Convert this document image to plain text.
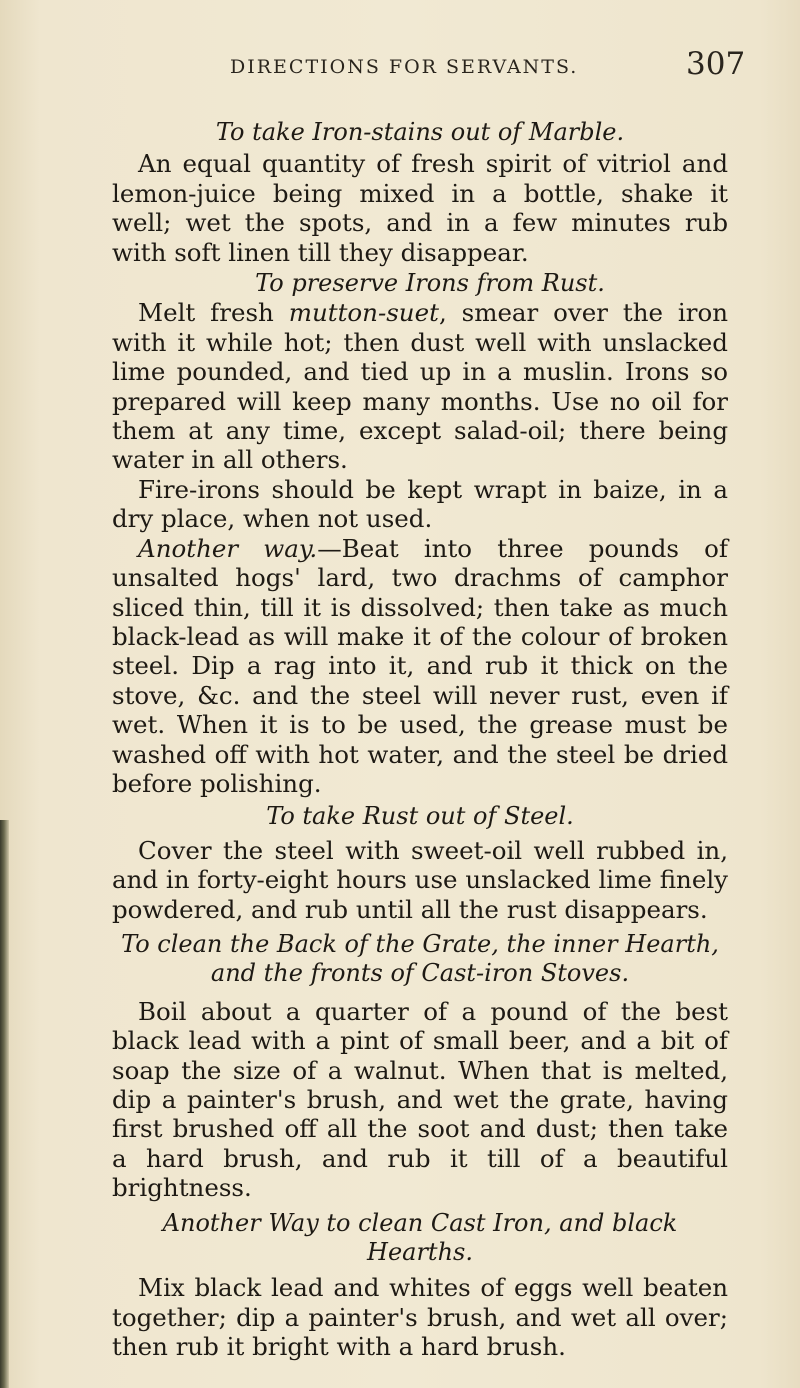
DIRECTIONS FOR SERVANTS.	307

To take Iron-stains out of Marble.

An equal quantity of fresh spirit of vitriol and lemon-juice being mixed in a bottle, shake it well; wet the spots, and in a few minutes rub with soft linen till they disappear.

To preserve Irons from Rust.

Melt fresh mutton-suet, smear over the iron with it while hot; then dust well with unslacked lime pounded, and tied up in a muslin. Irons so prepared will keep many months. Use no oil for them at any time, except salad-oil; there being water in all others.

Fire-irons should be kept wrapt in baize, in a dry place, when not used.

Another way.—Beat into three pounds of unsalted hogs' lard, two drachms of camphor sliced thin, till it is dissolved; then take as much black-lead as will make it of the colour of broken steel. Dip a rag into it, and rub it thick on the stove, &c. and the steel will never rust, even if wet. When it is to be used, the grease must be washed off with hot water, and the steel be dried before polishing.

To take Rust out of Steel.

Cover the steel with sweet-oil well rubbed in, and in forty-eight hours use unslacked lime finely powdered, and rub until all the rust disappears.

To clean the Back of the Grate, the inner Hearth, and the fronts of Cast-iron Stoves.

Boil about a quarter of a pound of the best black lead with a pint of small beer, and a bit of soap the size of a walnut. When that is melted, dip a painter's brush, and wet the grate, having first brushed off all the soot and dust; then take a hard brush, and rub it till of a beautiful brightness.

Another Way to clean Cast Iron, and black Hearths.

Mix black lead and whites of eggs well beaten together; dip a painter's brush, and wet all over; then rub it bright with a hard brush.
